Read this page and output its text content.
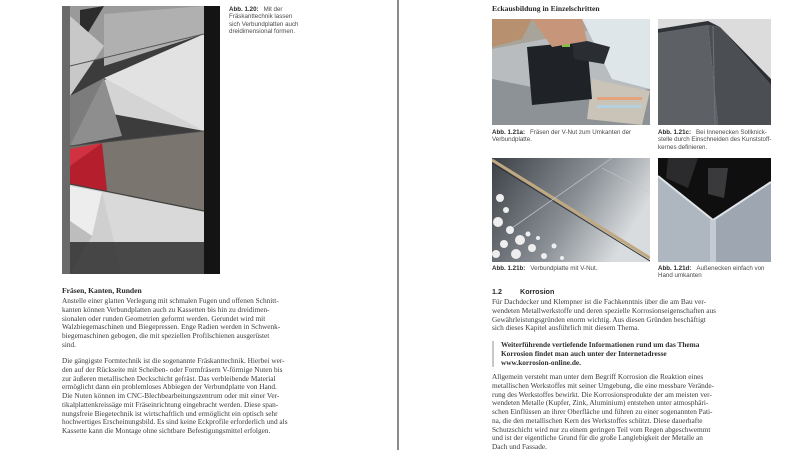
Abb. 1.20: Mit der
Fräskanttechnik lassen
sich Verbundplatten auch
dreidimensional formen.
Fräsen, Kanten, Runden
Anstelle einer glatten Verlegung mit schmalen Fugen und offenen Schnitt-
kanten können Verbundplatten auch zu Kassetten bis hin zu dreidimen-
sionalen oder runden Geometrien geformt werden. Gerundet wird mit
Walzbiegemaschinen und Biegepressen. Enge Radien werden in Schwenk-
biegemaschinen gebogen, die mit speziellen Profilschienen ausgerüstet
sind.
Die gängigste Formtechnik ist die sogenannte Fräskanttechnik. Hierbei wer-
den auf der Rückseite mit Scheiben- oder Formfräsern V-förmige Nuten bis
zur äußeren metallischen Deckschicht gefräst. Das verbleibende Material
ermöglicht dann ein problemloses Abbiegen der Verbundplatte von Hand.
Die Nuten können im CNC-Blechbearbeitungszentrum oder mit einer Ver-
tikalplattenkreissäge mit Fräseinrichtung eingebracht werden. Diese span-
nungsfreie Biegetechnik ist wirtschaftlich und ermöglicht ein optisch sehr
hochwertiges Erscheinungsbild. Es sind keine Eckprofile erforderlich und als
Kassette kann die Montage ohne sichtbare Befestigungsmittel erfolgen.
Eckausbildung in Einzelschritten
Abb. 1.21a: Fräsen der V-Nut zum Umkanten der Verbundplatte.
Abb. 1.21c: Bei Innenecken Sollknick-stelle durch Einschneiden des Kunststoff-kernes definieren.
Abb. 1.21b: Verbundplatte mit V-Nut.	Abb. 1.21d: Außenecken einfach von Hand umkanten
1.2	Korrosion
Für Dachdecker und Klempner ist die Fachkenntnis über die am Bau ver-
wendeten Metallwerkstoffe und deren spezielle Korrosionseigenschaften aus
Gewährleistungsgründen enorm wichtig. Aus diesen Gründen beschäftigt
sich dieses Kapitel ausführlich mit diesem Thema.
Weiterführende vertiefende Informationen rund um das Thema
Korrosion findet man auch unter der Internetadresse
www.korrosion-online.de.
Allgemein versteht man unter dem Begriff Korrosion die Reaktion eines
metallischen Werkstoffes mit seiner Umgebung, die eine messbare Verände-
rung des Werkstoffes bewirkt. Die Korrosionsprodukte der am meisten ver-
wendeten Metalle (Kupfer, Zink, Aluminium) entstehen unter atmosphäri-
schen Einflüssen an ihrer Oberfläche und führen zu einer sogenannten Pati-
na, die den metallischen Kern des Werkstoffes schützt. Diese dauerhafte
Schutzschicht wird nur zu einem geringen Teil vom Regen abgeschwemmt
und ist der eigentliche Grund für die große Langlebigkeit der Metalle an
Dach und Fassade.
